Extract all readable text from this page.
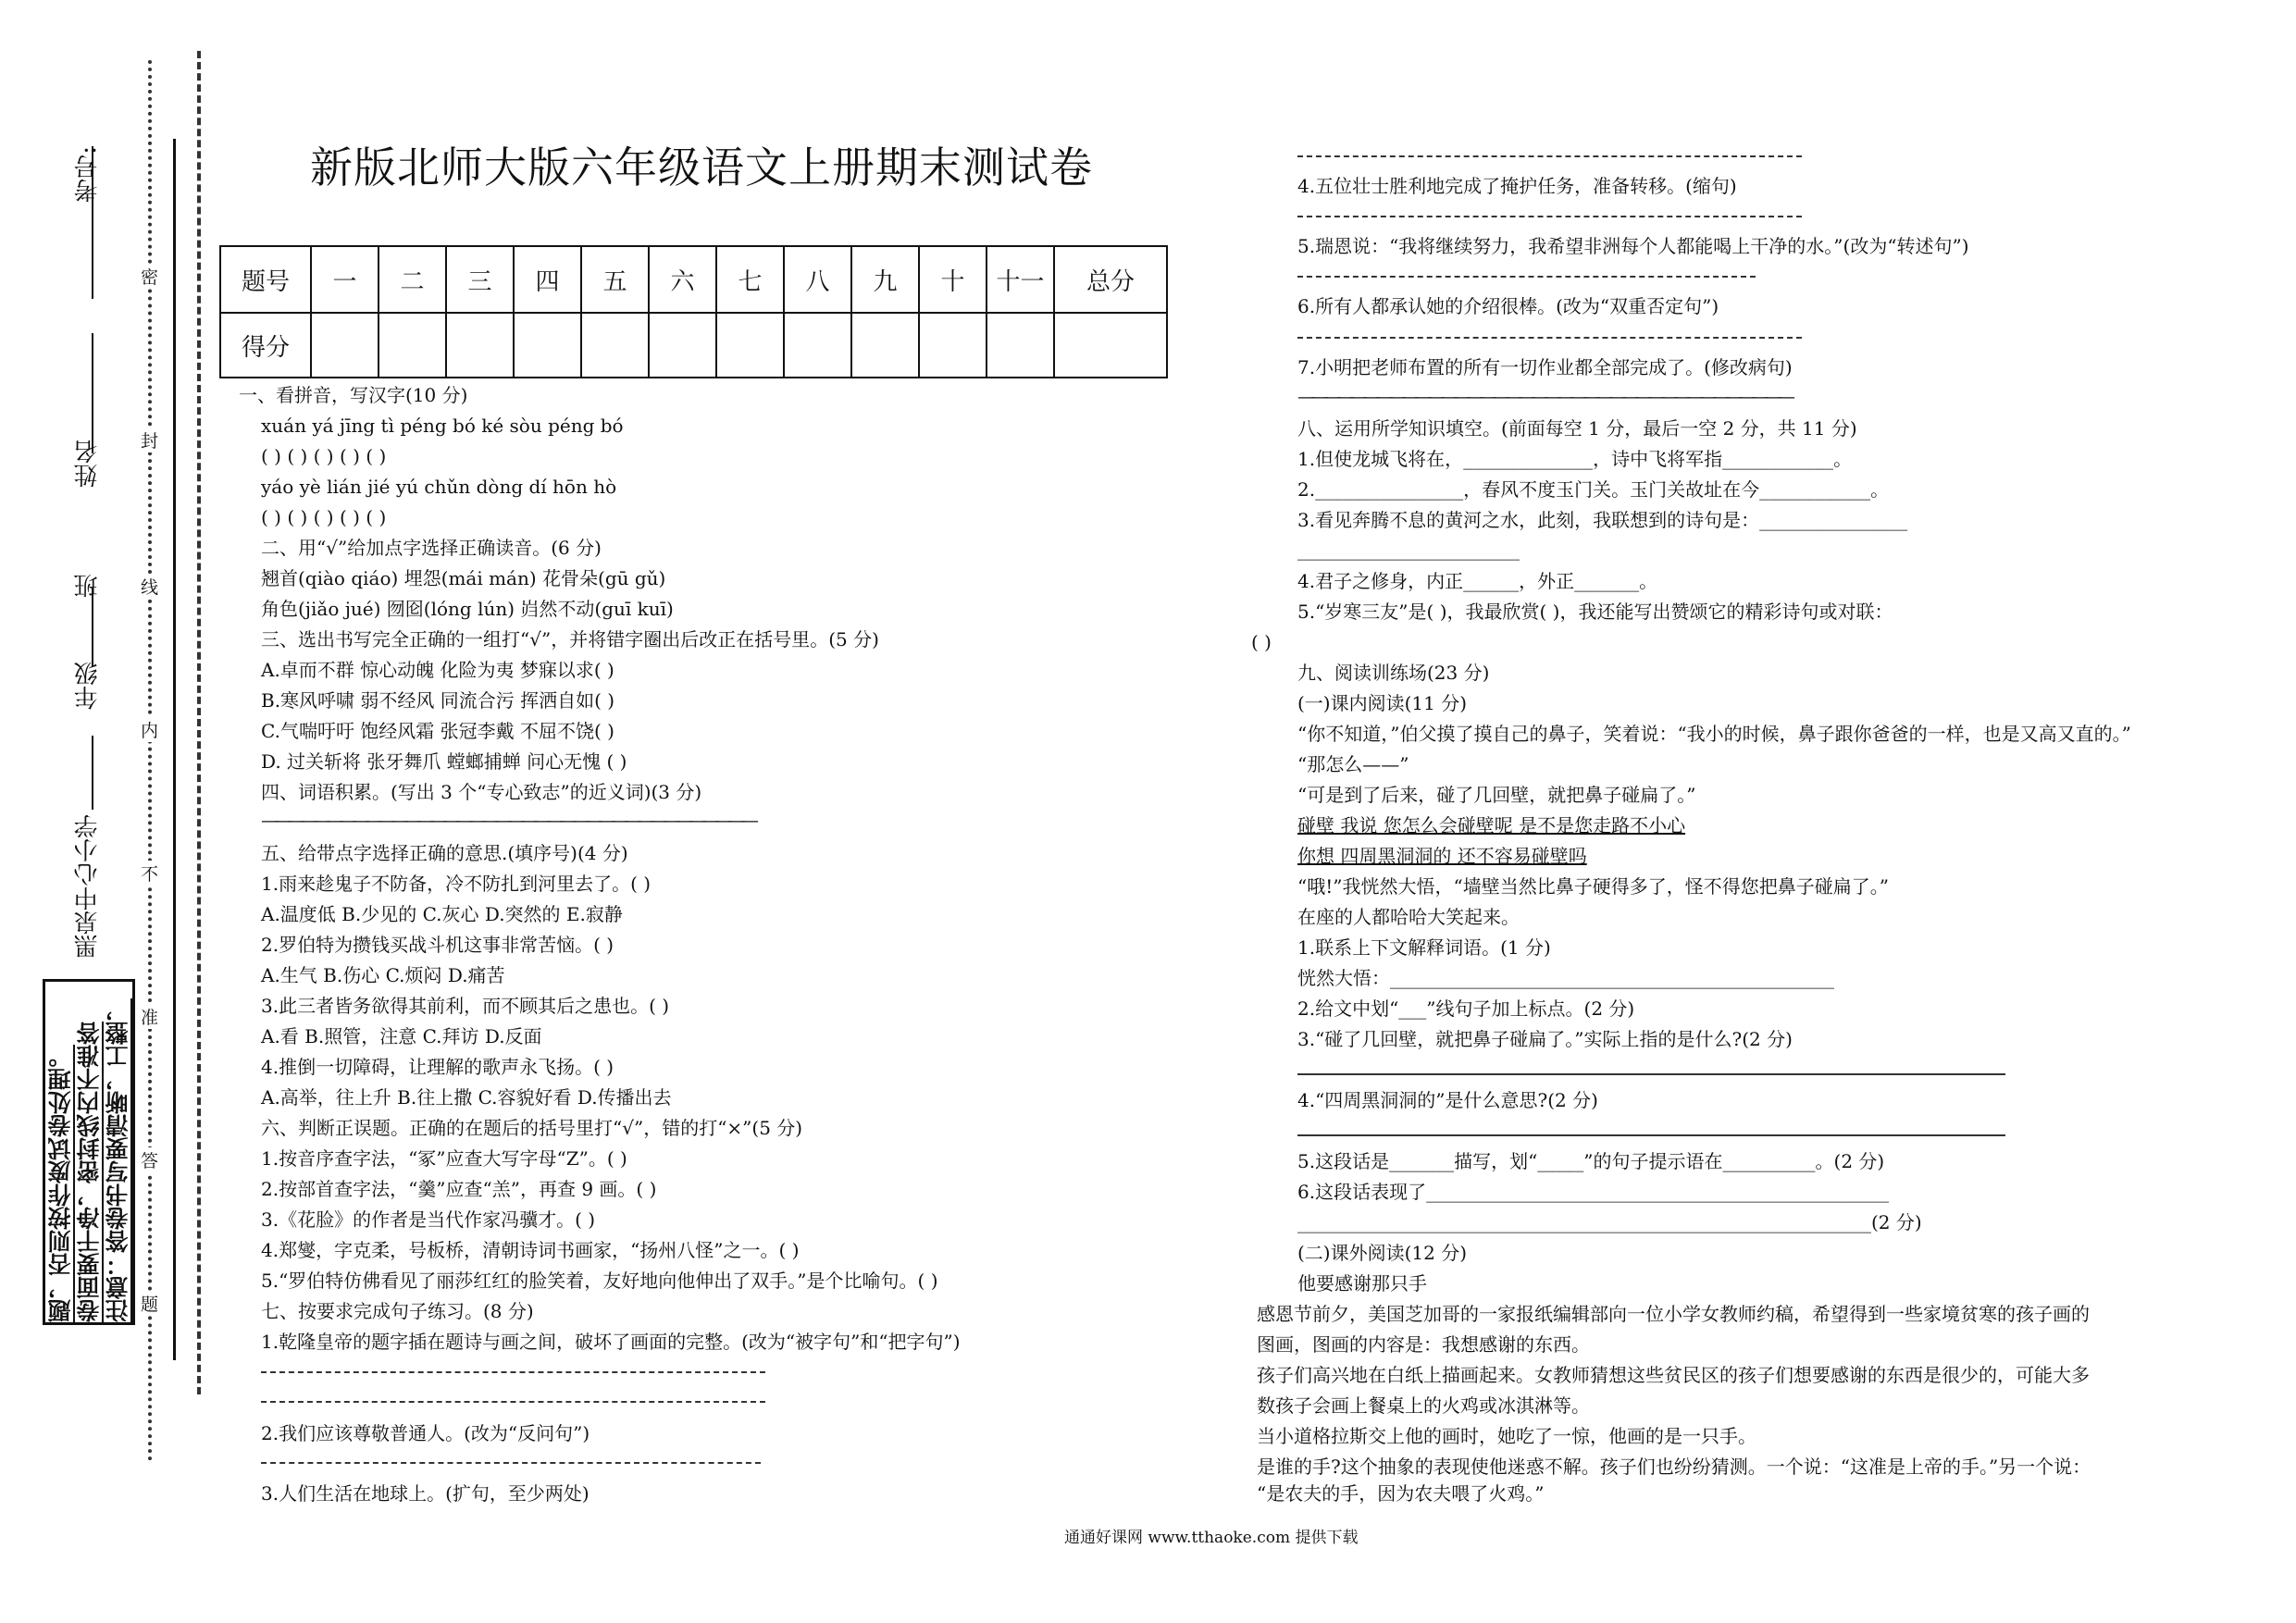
考号:
姓名
班
年级
黑泉中心小学
密
封
线
内
不
准
答
题
注意：答卷书写要清晰，工整，
卷面要干净，密封线内不准答
题，否则按作废试卷处理。
新版北师大版六年级语文上册期末测试卷
题号	一	二	三	四	五	六	七	八	九	十	十一	总分
得分												
一、看拼音，写汉字(10 分)
xuán yá jīng tì péng bó ké sòu péng bó
( ) ( ) ( ) ( ) ( )
yáo yè lián jié yú chǔn dòng dí hōn hò
( ) ( ) ( ) ( ) ( )
二、用“√”给加点字选择正确读音。(6 分)
翘首(qiào qiáo) 埋怨(mái mán) 花骨朵(gū gǔ)
角色(jiǎo jué) 囫囵(lóng lún) 岿然不动(guī kuī)
三、选出书写完全正确的一组打“√”，并将错字圈出后改正在括号里。(5 分)
A.卓而不群 惊心动魄 化险为夷 梦寐以求( )
B.寒风呼啸 弱不经风 同流合污 挥洒自如( )
C.气喘吁吁 饱经风霜 张冠李戴 不屈不饶( )
D. 过关斩将 张牙舞爪 螳螂捕蝉 问心无愧 ( )
四、词语积累。(写出 3 个“专心致志”的近义词)(3 分)
——————————————————————————————————————
五、给带点字选择正确的意思.(填序号)(4 分)
1.雨来趁鬼子不防备，冷不防扎到河里去了。( )
A.温度低 B.少见的 C.灰心 D.突然的 E.寂静
2.罗伯特为攒钱买战斗机这事非常苦恼。( )
A.生气 B.伤心 C.烦闷 D.痛苦
3.此三者皆务欲得其前利，而不顾其后之患也。( )
A.看 B.照管，注意 C.拜访 D.反面
4.推倒一切障碍，让理解的歌声永飞扬。( )
A.高举，往上升 B.往上撒 C.容貌好看 D.传播出去
六、判断正误题。正确的在题后的括号里打“√”，错的打“×”(5 分)
1.按音序查字法，“冢”应查大写字母“Z”。( )
2.按部首查字法，“羹”应查“羔”，再查 9 画。( )
3.《花脸》的作者是当代作家冯骥才。( )
4.郑燮，字克柔，号板桥，清朝诗词书画家，“扬州八怪”之一。( )
5.“罗伯特仿佛看见了丽莎红红的脸笑着，友好地向他伸出了双手。”是个比喻句。( )
七、按要求完成句子练习。(8 分)
1.乾隆皇帝的题字插在题诗与画之间，破坏了画面的完整。(改为“被字句”和“把字句”)
2.我们应该尊敬普通人。(改为“反问句”)
3.人们生活在地球上。(扩句，至少两处)
4.五位壮士胜利地完成了掩护任务，准备转移。(缩句)
5.瑞恩说：“我将继续努力，我希望非洲每个人都能喝上干净的水。”(改为“转述句”)
6.所有人都承认她的介绍很棒。(改为“双重否定句”)
7.小明把老师布置的所有一切作业都全部完成了。(修改病句)
——————————————————————————————————————
八、运用所学知识填空。(前面每空 1 分，最后一空 2 分，共 11 分)
1.但使龙城飞将在，______________，诗中飞将军指____________。
2.________________，春风不度玉门关。玉门关故址在今____________。
3.看见奔腾不息的黄河之水，此刻，我联想到的诗句是：________________
________________________
4.君子之修身，内正______，外正_______。
5.“岁寒三友”是( )，我最欣赏( )，我还能写出赞颂它的精彩诗句或对联：
( )
九、阅读训练场(23 分)
(一)课内阅读(11 分)
“你不知道，”伯父摸了摸自己的鼻子，笑着说：“我小的时候，鼻子跟你爸爸的一样，也是又高又直的。”
“那怎么——”
“可是到了后来，碰了几回壁，就把鼻子碰扁了。”
碰壁 我说 您怎么会碰壁呢 是不是您走路不小心
你想 四周黑洞洞的 还不容易碰壁吗
“哦!”我恍然大悟，“墙壁当然比鼻子硬得多了，怪不得您把鼻子碰扁了。”
在座的人都哈哈大笑起来。
1.联系上下文解释词语。(1 分)
恍然大悟：________________________________________________
2.给文中划“___”线句子加上标点。(2 分)
3.“碰了几回壁，就把鼻子碰扁了。”实际上指的是什么?(2 分)
4.“四周黑洞洞的”是什么意思?(2 分)
5.这段话是_______描写，划“_____”的句子提示语在__________。(2 分)
6.这段话表现了__________________________________________________
______________________________________________________________(2 分)
(二)课外阅读(12 分)
他要感谢那只手
感恩节前夕，美国芝加哥的一家报纸编辑部向一位小学女教师约稿，希望得到一些家境贫寒的孩子画的
图画，图画的内容是：我想感谢的东西。
孩子们高兴地在白纸上描画起来。女教师猜想这些贫民区的孩子们想要感谢的东西是很少的，可能大多
数孩子会画上餐桌上的火鸡或冰淇淋等。
当小道格拉斯交上他的画时，她吃了一惊，他画的是一只手。
是谁的手?这个抽象的表现使他迷惑不解。孩子们也纷纷猜测。一个说：“这准是上帝的手。”另一个说：
“是农夫的手，因为农夫喂了火鸡。”
通通好课网 www.tthaoke.com 提供下载
